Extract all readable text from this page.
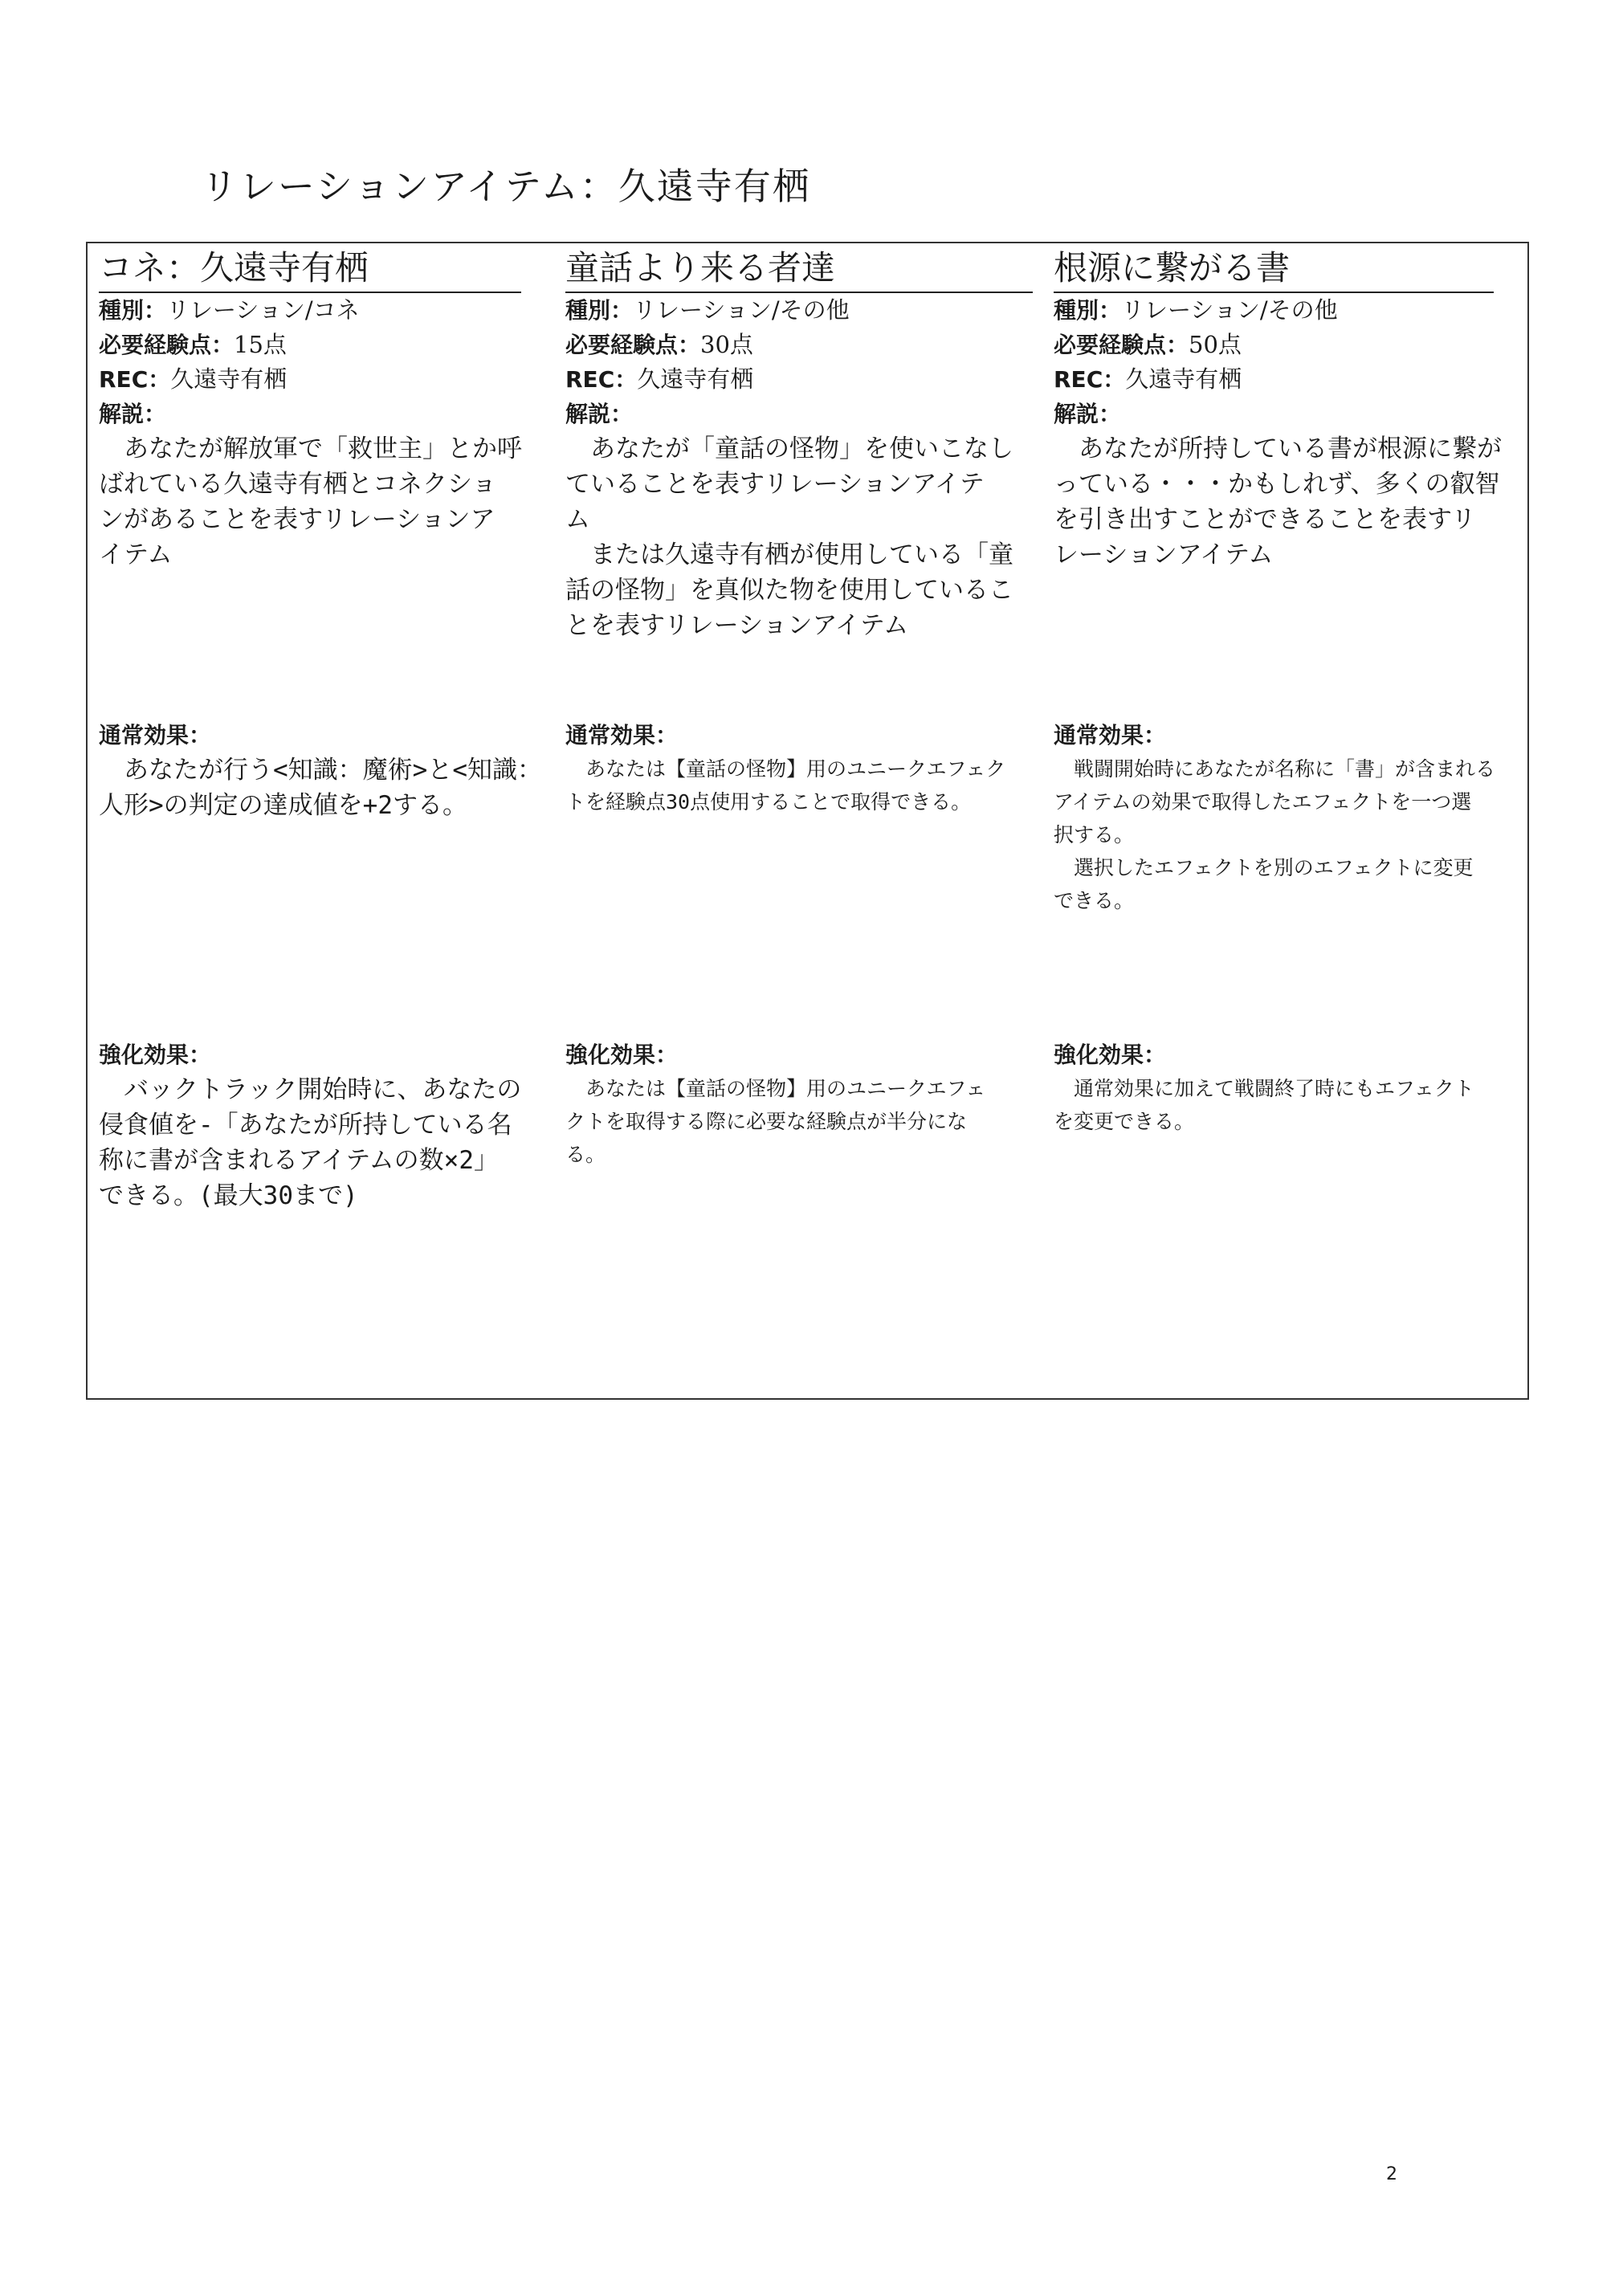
リレーションアイテム：久遠寺有栖
コネ：久遠寺有栖
種別：リレーション/コネ
必要経験点：15点
REC：久遠寺有栖
解説：
　あなたが解放軍で「救世主」とか呼
ばれている久遠寺有栖とコネクショ
ンがあることを表すリレーションア
イテム
通常効果：
　あなたが行う<知識：魔術>と<知識：
人形>の判定の達成値を+2する。
強化効果：
　バックトラック開始時に、あなたの
侵食値を-「あなたが所持している名
称に書が含まれるアイテムの数×2」
できる。(最大30まで)
童話より来る者達
種別：リレーション/その他
必要経験点：30点
REC：久遠寺有栖
解説：
　あなたが「童話の怪物」を使いこなし
ていることを表すリレーションアイテ
ム
　または久遠寺有栖が使用している「童
話の怪物」を真似た物を使用しているこ
とを表すリレーションアイテム
通常効果：
　あなたは【童話の怪物】用のユニークエフェク
トを経験点30点使用することで取得できる。
強化効果：
　あなたは【童話の怪物】用のユニークエフェ
クトを取得する際に必要な経験点が半分にな
る。
根源に繋がる書
種別：リレーション/その他
必要経験点：50点
REC：久遠寺有栖
解説：
　あなたが所持している書が根源に繋が
っている・・・かもしれず、多くの叡智
を引き出すことができることを表すリ
レーションアイテム
通常効果：
　戦闘開始時にあなたが名称に「書」が含まれる
アイテムの効果で取得したエフェクトを一つ選
択する。
　選択したエフェクトを別のエフェクトに変更
できる。
強化効果：
　通常効果に加えて戦闘終了時にもエフェクト
を変更できる。
2
